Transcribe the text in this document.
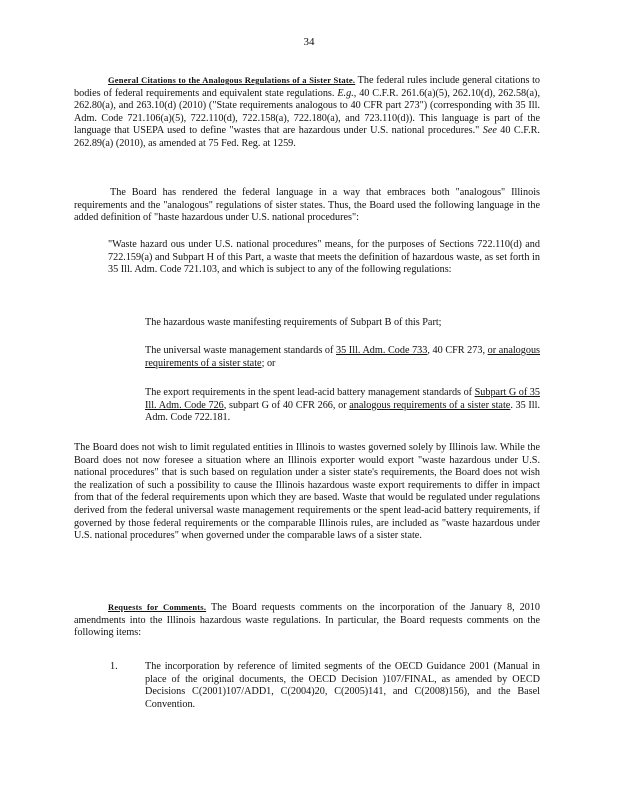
34
General Citations to the Analogous Regulations of a Sister State. The federal rules include general citations to bodies of federal requirements and equivalent state regulations. E.g., 40 C.F.R. 261.6(a)(5), 262.10(d), 262.58(a), 262.80(a), and 263.10(d) (2010) ("State requirements analogous to 40 CFR part 273") (corresponding with 35 Ill. Adm. Code 721.106(a)(5), 722.110(d), 722.158(a), 722.180(a), and 723.110(d)). This language is part of the language that USEPA used to define "wastes that are hazardous under U.S. national procedures." See 40 C.F.R. 262.89(a) (2010), as amended at 75 Fed. Reg. at 1259.
The Board has rendered the federal language in a way that embraces both "analogous" Illinois requirements and the "analogous" regulations of sister states. Thus, the Board used the following language in the added definition of "haste hazardous under U.S. national procedures":
"Waste hazard ous under U.S. national procedures" means, for the purposes of Sections 722.110(d) and 722.159(a) and Subpart H of this Part, a waste that meets the definition of hazardous waste, as set forth in 35 Ill. Adm. Code 721.103, and which is subject to any of the following regulations:
The hazardous waste manifesting requirements of Subpart B of this Part;
The universal waste management standards of 35 Ill. Adm. Code 733, 40 CFR 273, or analogous requirements of a sister state; or
The export requirements in the spent lead-acid battery management standards of Subpart G of 35 Ill. Adm. Code 726, subpart G of 40 CFR 266, or analogous requirements of a sister state. 35 Ill. Adm. Code 722.181.
The Board does not wish to limit regulated entities in Illinois to wastes governed solely by Illinois law. While the Board does not now foresee a situation where an Illinois exporter would export "waste hazardous under U.S. national procedures" that is such based on regulation under a sister state's requirements, the Board does not wish the realization of such a possibility to cause the Illinois hazardous waste export requirements to differ in impact from that of the federal requirements upon which they are based. Waste that would be regulated under regulations derived from the federal universal waste management requirements or the spent lead-acid battery requirements, if governed by those federal requirements or the comparable Illinois rules, are included as "waste hazardous under U.S. national procedures" when governed under the comparable laws of a sister state.
Requests for Comments. The Board requests comments on the incorporation of the January 8, 2010 amendments into the Illinois hazardous waste regulations. In particular, the Board requests comments on the following items:
1.	The incorporation by reference of limited segments of the OECD Guidance 2001 (Manual in place of the original documents, the OECD Decision )107/FINAL, as amended by OECD Decisions C(2001)107/ADD1, C(2004)20, C(2005)141, and C(2008)156), and the Basel Convention.
